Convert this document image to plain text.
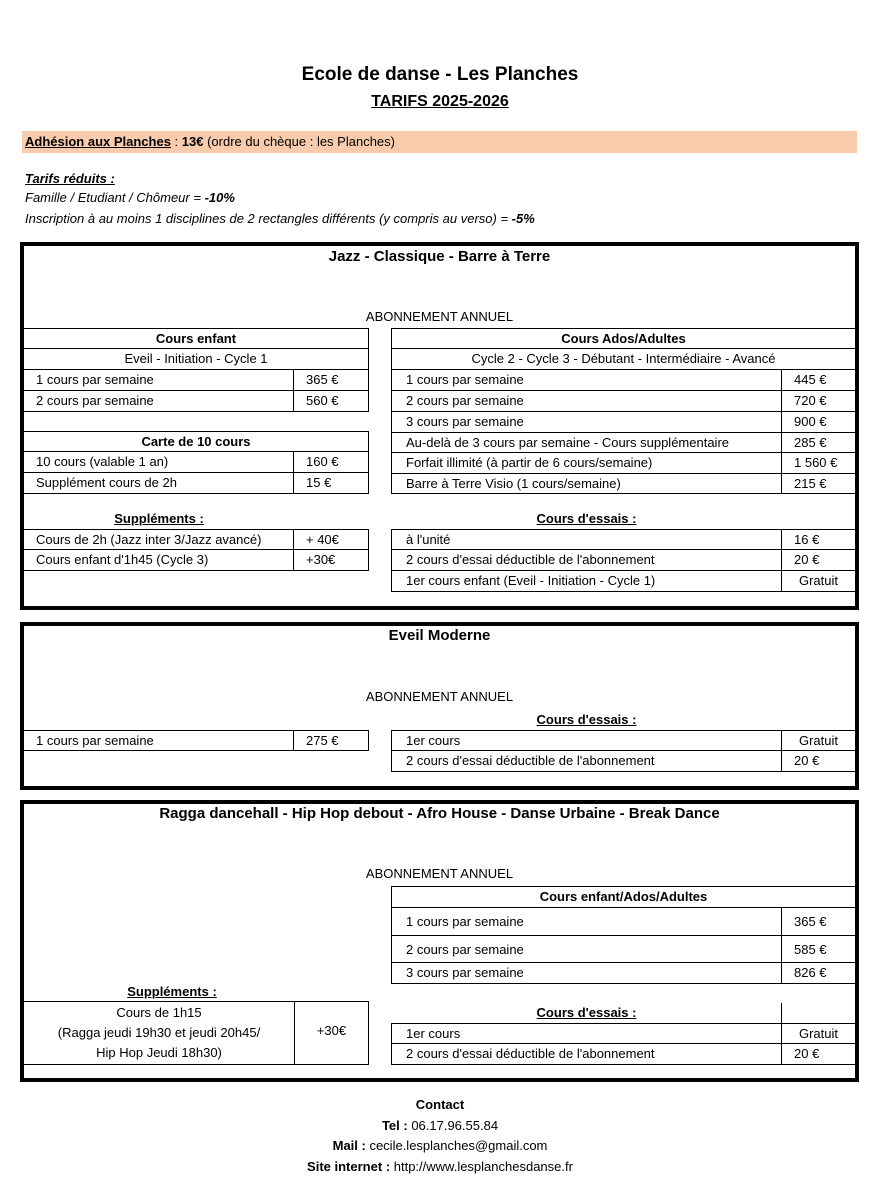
Ecole de danse - Les Planches
TARIFS 2025-2026
Adhésion aux Planches : 13€ (ordre du chèque : les Planches)
Tarifs réduits :
Famille / Etudiant / Chômeur = -10%
Inscription à au moins 1 disciplines de 2 rectangles différents (y compris au verso) = -5%
Jazz - Classique - Barre à Terre
ABONNEMENT ANNUEL
Cours enfant
Eveil - Initiation - Cycle 1
1 cours par semaine	365 €
2 cours par semaine	560 €
Carte de 10 cours
10 cours (valable 1 an)	160 €
Supplément cours de 2h	15 €
Suppléments :
Cours de 2h (Jazz inter 3/Jazz avancé)	+ 40€
Cours enfant d'1h45 (Cycle 3)	+30€
Cours Ados/Adultes
Cycle 2 - Cycle 3 - Débutant - Intermédiaire - Avancé
1 cours par semaine	445 €
2 cours par semaine	720 €
3 cours par semaine	900 €
Au-delà de 3 cours par semaine - Cours supplémentaire	285 €
Forfait illimité (à partir de 6 cours/semaine)	1 560 €
Barre à Terre Visio (1 cours/semaine)	215 €
Cours d'essais :
à l'unité	16 €
2 cours d'essai déductible de l'abonnement	20 €
1er cours enfant (Eveil - Initiation - Cycle 1)	Gratuit
Eveil Moderne
ABONNEMENT ANNUEL
1 cours par semaine	275 €
Cours d'essais :
1er cours	Gratuit
2 cours d'essai déductible de l'abonnement	20 €
Ragga dancehall - Hip Hop debout - Afro House - Danse Urbaine - Break Dance
ABONNEMENT ANNUEL
Cours enfant/Ados/Adultes
1 cours par semaine	365 €
2 cours par semaine	585 €
3 cours par semaine	826 €
Suppléments :
Cours de 1h15
(Ragga jeudi 19h30 et jeudi 20h45/
Hip Hop Jeudi 18h30)
+30€
Cours d'essais :
1er cours	Gratuit
2 cours d'essai déductible de l'abonnement	20 €
Contact
Tel : 06.17.96.55.84
Mail : cecile.lesplanches@gmail.com
Site internet : http://www.lesplanchesdanse.fr
